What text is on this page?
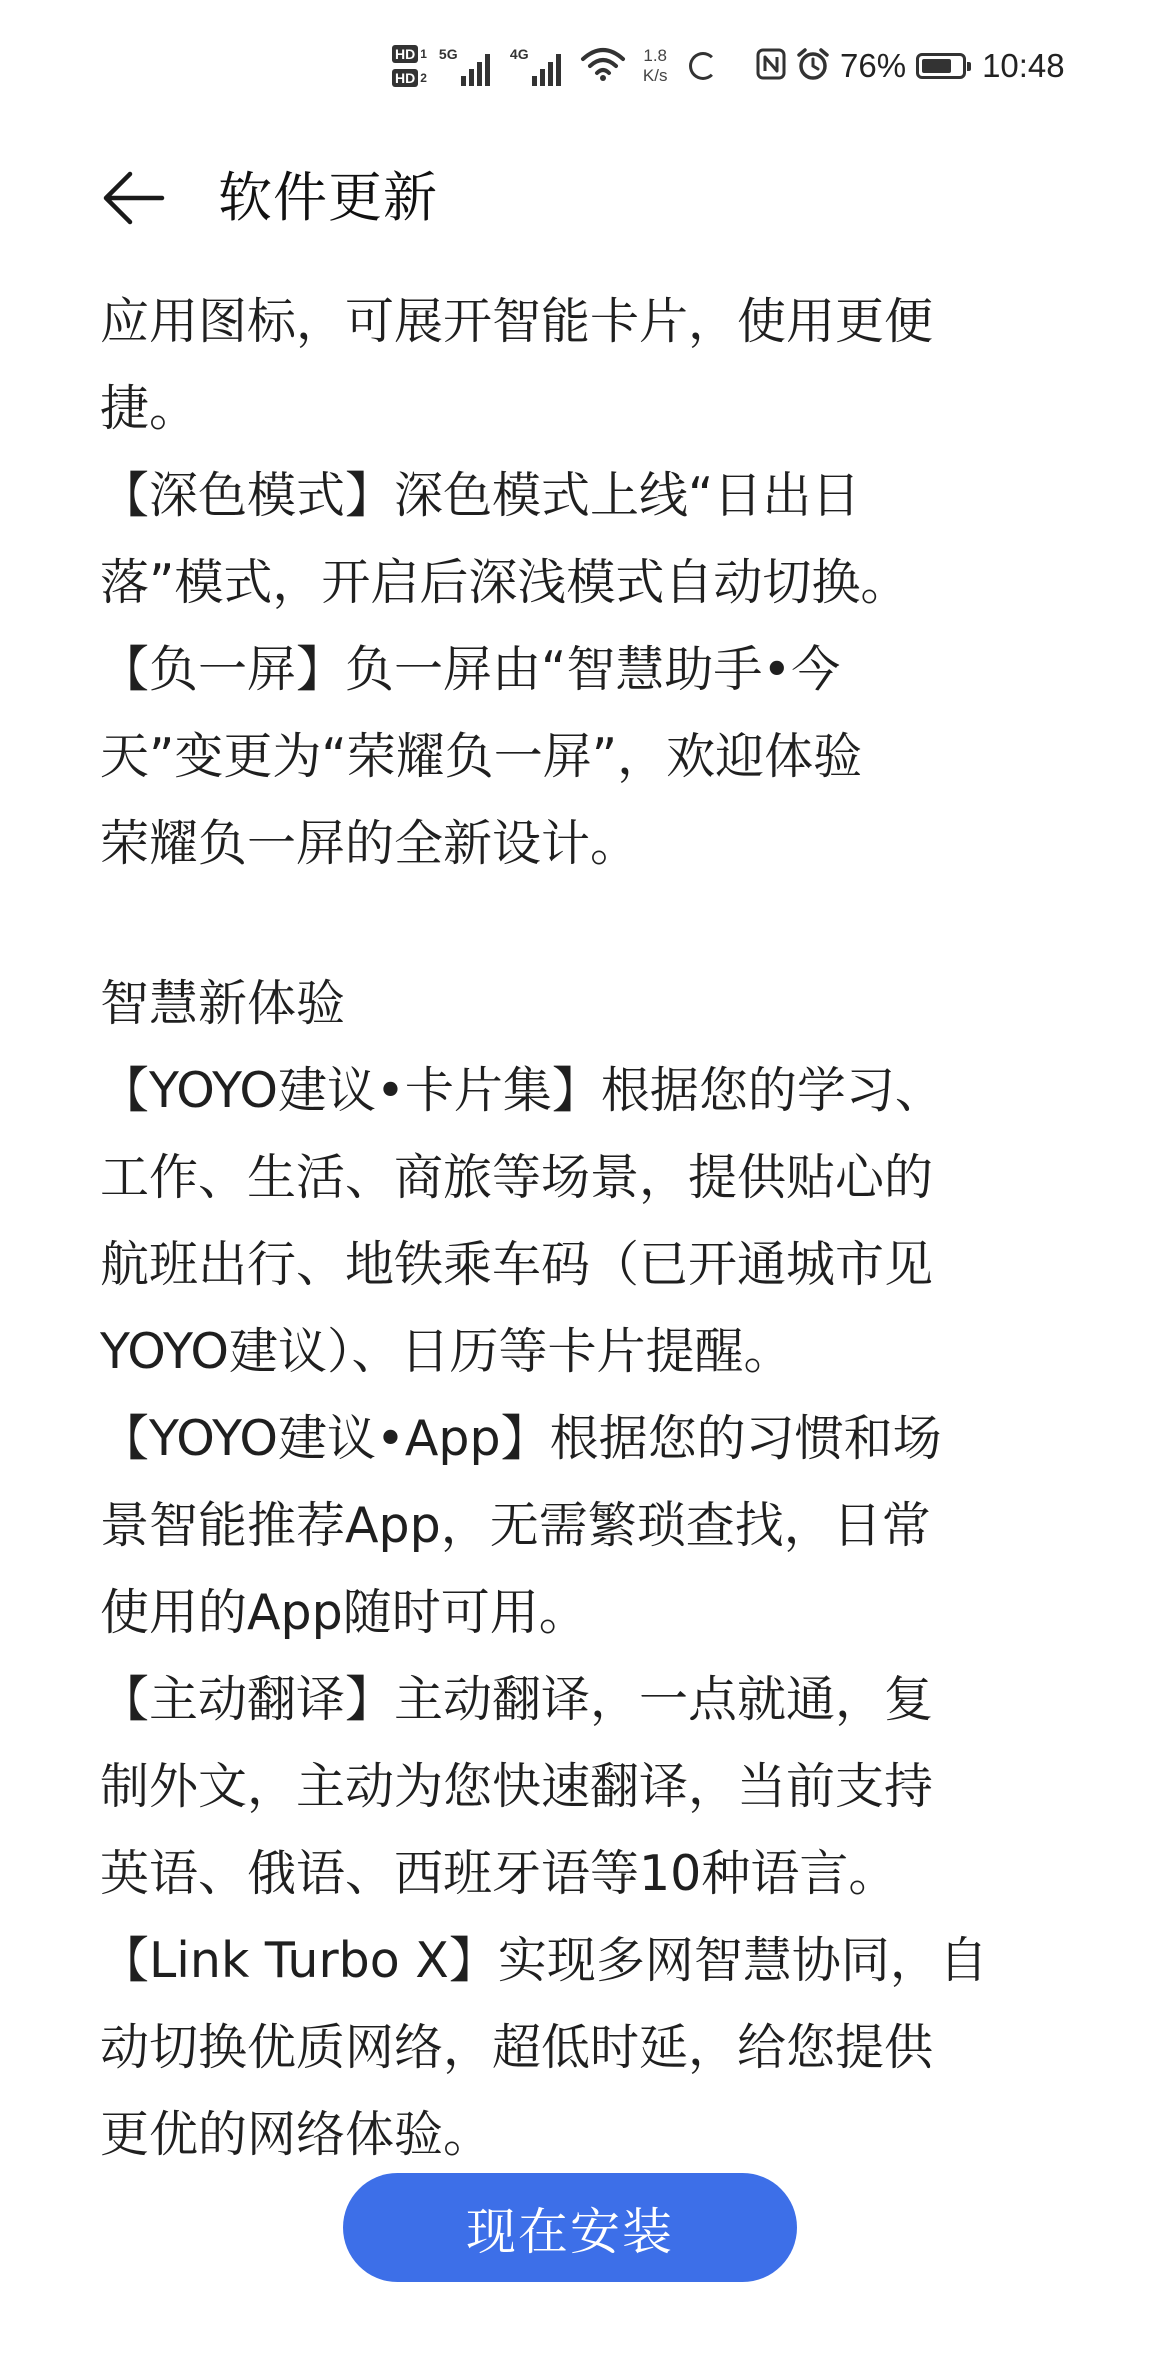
HD 1
HD 2
5G	4G	1.8
K/s	76% 10:48
软件更新

应用图标，可展开智能卡片，使用更便
捷。

【深色模式】深色模式上线“日出日
落”模式，开启后深浅模式自动切换。

【负一屏】负一屏由“智慧助手•今
天”变更为“荣耀负一屏”，欢迎体验
荣耀负一屏的全新设计。

智慧新体验

【YOYO建议•卡片集】根据您的学习、
工作、生活、商旅等场景，提供贴心的
航班出行、地铁乘车码（已开通城市见
YOYO建议）、日历等卡片提醒。

【YOYO建议•App】根据您的习惯和场
景智能推荐App，无需繁琐查找，日常
使用的App随时可用。

【主动翻译】主动翻译，一点就通，复
制外文，主动为您快速翻译，当前支持
英语、俄语、西班牙语等10种语言。

【Link Turbo X】实现多网智慧协同，自
动切换优质网络，超低时延，给您提供
更优的网络体验。

现在安装
